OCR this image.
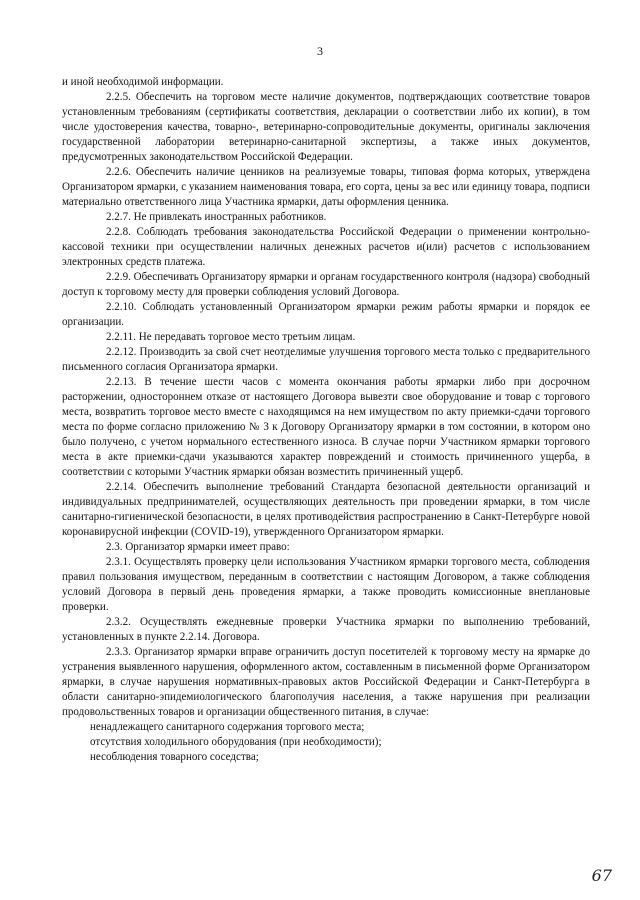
3

и иной необходимой информации.

2.2.5. Обеспечить на торговом месте наличие документов, подтверждающих соответствие товаров установленным требованиям (сертификаты соответствия, декларации о соответствии либо их копии), в том числе удостоверения качества, товарно-, ветеринарно-сопроводительные документы, оригиналы заключения государственной лаборатории ветеринарно-санитарной экспертизы, а также иных документов, предусмотренных законодательством Российской Федерации.

2.2.6. Обеспечить наличие ценников на реализуемые товары, типовая форма которых, утверждена Организатором ярмарки, с указанием наименования товара, его сорта, цены за вес или единицу товара, подписи материально ответственного лица Участника ярмарки, даты оформления ценника.

2.2.7. Не привлекать иностранных работников.

2.2.8. Соблюдать требования законодательства Российской Федерации о применении контрольно-кассовой техники при осуществлении наличных денежных расчетов и(или) расчетов с использованием электронных средств платежа.

2.2.9. Обеспечивать Организатору ярмарки и органам государственного контроля (надзора) свободный доступ к торговому месту для проверки соблюдения условий Договора.

2.2.10. Соблюдать установленный Организатором ярмарки режим работы ярмарки и порядок ее организации.

2.2.11. Не передавать торговое место третьим лицам.

2.2.12. Производить за свой счет неотделимые улучшения торгового места только с предварительного письменного согласия Организатора ярмарки.

2.2.13. В течение шести часов с момента окончания работы ярмарки либо при досрочном расторжении, одностороннем отказе от настоящего Договора вывезти свое оборудование и товар с торгового места, возвратить торговое место вместе с находящимся на нем имуществом по акту приемки-сдачи торгового места по форме согласно приложению № 3 к Договору Организатору ярмарки в том состоянии, в котором оно было получено, с учетом нормального естественного износа. В случае порчи Участником ярмарки торгового места в акте приемки-сдачи указываются характер повреждений и стоимость причиненного ущерба, в соответствии с которыми Участник ярмарки обязан возместить причиненный ущерб.

2.2.14. Обеспечить выполнение требований Стандарта безопасной деятельности организаций и индивидуальных предпринимателей, осуществляющих деятельность при проведении ярмарки, в том числе санитарно-гигиенической безопасности, в целях противодействия распространению в Санкт-Петербурге новой коронавирусной инфекции (COVID-19), утвержденного Организатором ярмарки.

2.3. Организатор ярмарки имеет право:

2.3.1. Осуществлять проверку цели использования Участником ярмарки торгового места, соблюдения правил пользования имуществом, переданным в соответствии с настоящим Договором, а также соблюдения условий Договора в первый день проведения ярмарки, а также проводить комиссионные внеплановые проверки.

2.3.2. Осуществлять ежедневные проверки Участника ярмарки по выполнению требований, установленных в пункте 2.2.14. Договора.

2.3.3. Организатор ярмарки вправе ограничить доступ посетителей к торговому месту на ярмарке до устранения выявленного нарушения, оформленного актом, составленным в письменной форме Организатором ярмарки, в случае нарушения нормативных-правовых актов Российской Федерации и Санкт-Петербурга в области санитарно-эпидемиологического благополучия населения, а также нарушения при реализации продовольственных товаров и организации общественного питания, в случае:

ненадлежащего санитарного содержания торгового места;

отсутствия холодильного оборудования (при необходимости);

несоблюдения товарного соседства;

67
